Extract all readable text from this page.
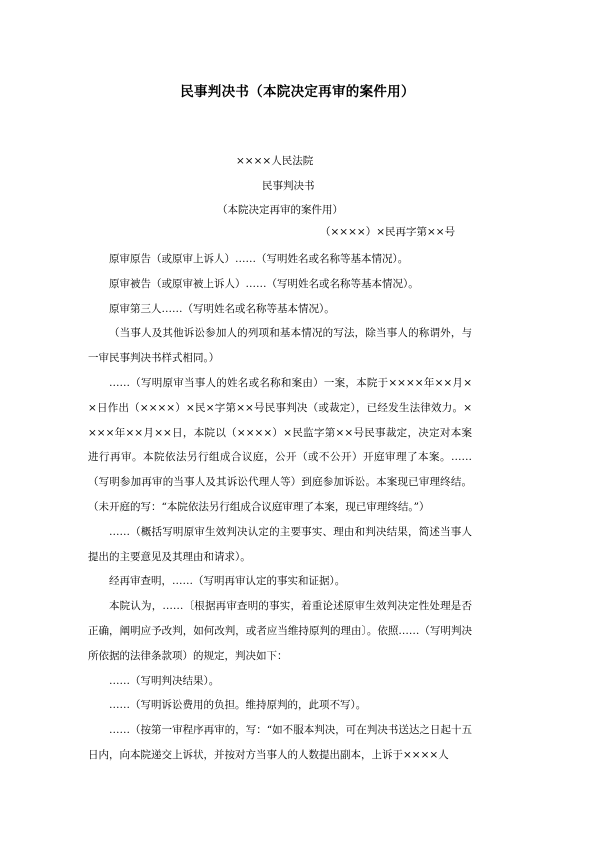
民事判决书（本院决定再审的案件用）

××××人民法院

民事判决书

（本院决定再审的案件用）

（××××）×民再字第××号

原审原告（或原审上诉人）……（写明姓名或名称等基本情况）。

原审被告（或原审被上诉人）……（写明姓名或名称等基本情况）。

原审第三人……（写明姓名或名称等基本情况）。

（当事人及其他诉讼参加人的列项和基本情况的写法，除当事人的称谓外，与一审民事判决书样式相同。）

……（写明原审当事人的姓名或名称和案由）一案，本院于××××年××月××日作出（××××）×民×字第××号民事判决（或裁定），已经发生法律效力。××××年××月××日，本院以（××××）×民监字第××号民事裁定，决定对本案进行再审。本院依法另行组成合议庭，公开（或不公开）开庭审理了本案。……（写明参加再审的当事人及其诉讼代理人等）到庭参加诉讼。本案现已审理终结。（未开庭的写：“本院依法另行组成合议庭审理了本案，现已审理终结。”）

……（概括写明原审生效判决认定的主要事实、理由和判决结果，简述当事人提出的主要意见及其理由和请求）。

经再审查明，……（写明再审认定的事实和证据）。

本院认为，……〔根据再审查明的事实，着重论述原审生效判决定性处理是否正确，阐明应予改判，如何改判，或者应当维持原判的理由〕。依照……（写明判决所依据的法律条款项）的规定，判决如下：

……（写明判决结果）。

……（写明诉讼费用的负担。维持原判的，此项不写）。

……（按第一审程序再审的，写：“如不服本判决，可在判决书送达之日起十五日内，向本院递交上诉状，并按对方当事人的人数提出副本，上诉于××××人
